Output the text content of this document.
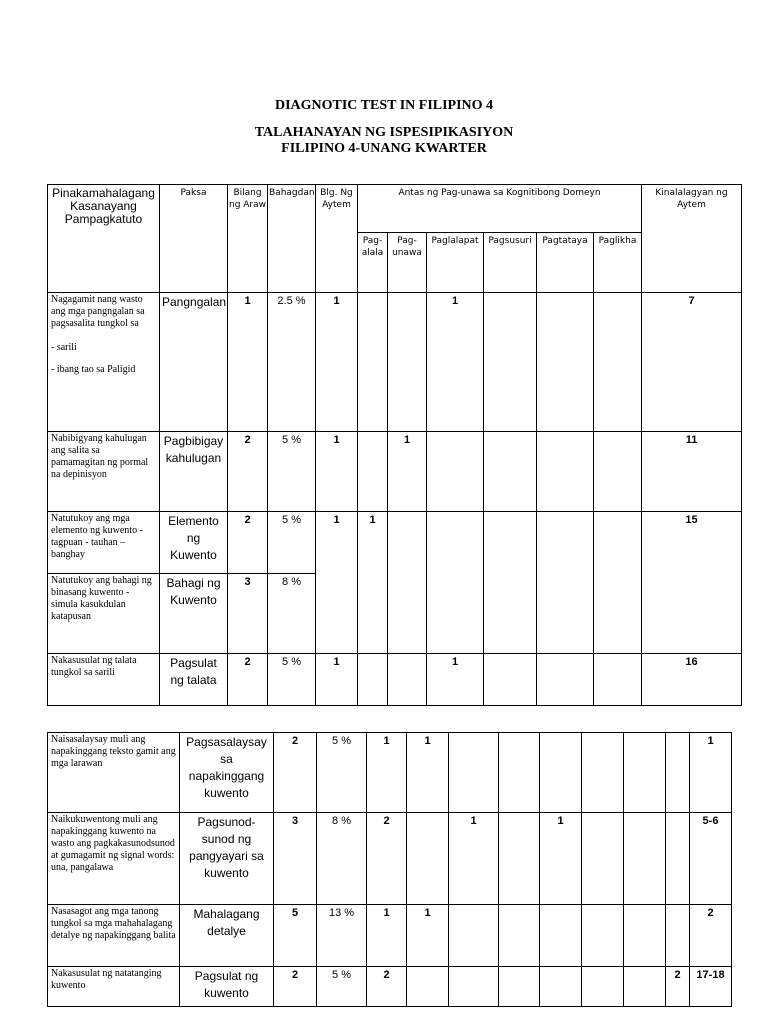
DIAGNOTIC TEST IN FILIPINO 4
TALAHANAYAN NG ISPESIPIKASIYON
FILIPINO 4-UNANG KWARTER
Pinakamahalagang Kasanayang Pampagkatuto	Paksa	Bilang ng Araw	Bahagdan	Blg. Ng Aytem	Antas ng Pag-unawa sa Kognitibong Domeyn						Kinalalagyan ng Aytem
					Pag-alala	Pag-unawa	Paglalapat	Pagsusuri	Pagtataya	Paglikha	

Nagagamit nang wasto ang mga pangngalan sa pagsasalita tungkol sa
- sarili
- ibang tao sa Paligid	Pangngalan	1	2.5 %	1			1				7
Nabibigyang kahulugan ang salita sa pamamagitan ng pormal na depinisyon	Pagbibigay kahulugan	2	5 %	1		1					11
Natutukoy ang mga elemento ng kuwento - tagpuan - tauhan – banghay	Elemento ng Kuwento	2	5 %	1	1						15
Natutukoy ang bahagi ng binasang kuwento - simula kasukdulan katapusan	Bahagi ng Kuwento	3	8 %								
Nakasusulat ng talata tungkol sa sarili	Pagsulat ng talata	2	5 %	1			1				16
Naisasalaysay muli ang napakinggang teksto gamit ang mga larawan	Pagsasalaysay sa napakinggang kuwento	2	5 %	1	1							1
Naikukuwentong muli ang napakinggang kuwento na wasto ang pagkakasunodsunod at gumagamit ng signal words: una, pangalawa	Pagsunod-sunod ng pangyayari sa kuwento	3	8 %	2		1		1				5-6
Nasasagot ang mga tanong tungkol sa mga mahahalagang detalye ng napakinggang balita	Mahalagang detalye	5	13 %	1	1							2
Nakasusulat ng natatanging kuwento	Pagsulat ng kuwento	2	5 %	2							2	17-18
